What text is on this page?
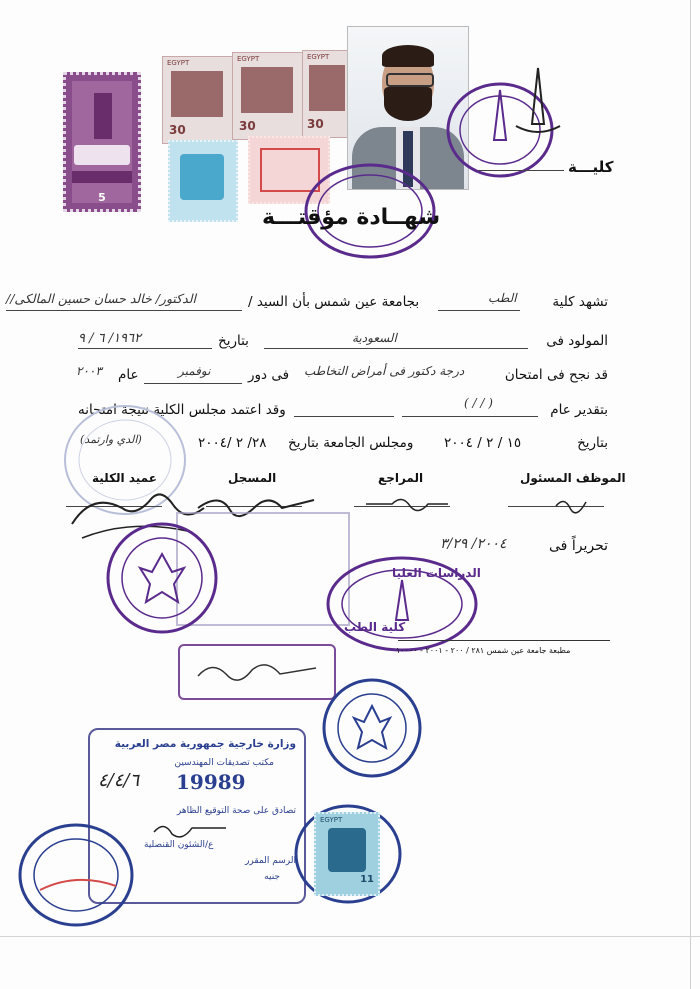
5
EGYPT
30
EGYPT
30
EGYPT
30
كليـــة
شهــادة مؤقتـــة
تشهد كلية
الطب
بجامعة عين شمس بأن السيد /
الدكتور/ خالد حسان حسين المالكى//
المولود فى
السعودية
بتاريخ
١٩٦٢/ ٦ / ٩
قد نجح فى امتحان
درجة دكتور فى أمراض التخاطب
فى دور
نوفمبر
عام
٢٠٠٣
بتقدير عام
( / / )
وقد اعتمد مجلس الكلية نتيجة امتحانه
بتاريخ
١٥ / ٢ / ٢٠٠٤
ومجلس الجامعة بتاريخ
٢٨/ ٢ /٢٠٠٤
(الدي وارتمد)
الموظف المسئول
المراجع
المسجل
عميد الكلية
تحريراً فى
٢٠٠٤/ ٣/٢٩
الدراسات العليا
كلية الطب
مطبعة جامعة عين شمس ٢٨١ / ٢٠٠ - ٢٠٠١ - ١٠٠٠٠
وزارة خارجية جمهورية مصر العربية
مكتب تصديقات المهندسين
19989
٤/٤/٦
تصادق على صحة التوقيع الظاهر
الرسم المقرر
جنيه
ع/الشئون القنصلية
EGYPT
11
